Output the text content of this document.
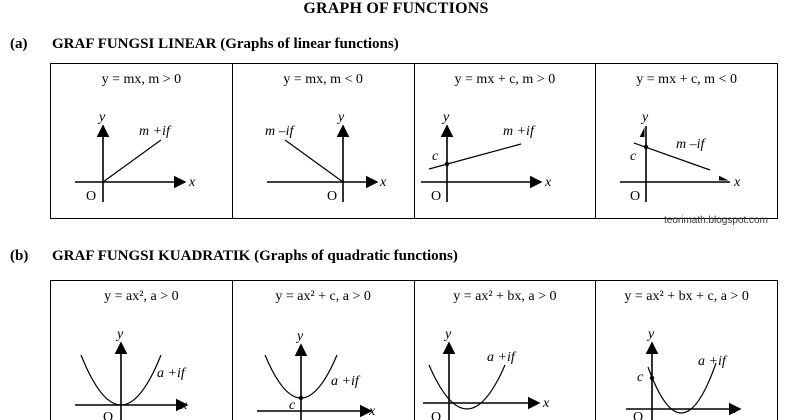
GRAPH OF FUNCTIONS
(a) GRAF FUNGSI LINEAR (Graphs of linear functions)
y = mx, m > 0
y
x
O
m +if
y = mx, m < 0
y
x
O
m –if
y = mx + c, m > 0
y
x
O
c
m +if
y = mx + c, m < 0
y
x
O
c
m –if
teorimath.blogspot.com
(b) GRAF FUNGSI KUADRATIK (Graphs of quadratic functions)
y = ax², a > 0
y
x
O
a +if
y = ax² + c, a > 0
y
x
c
a +if
y = ax² + bx, a > 0
y
x
O
a +if
y = ax² + bx + c, a > 0
y
x
O
c
a +if
